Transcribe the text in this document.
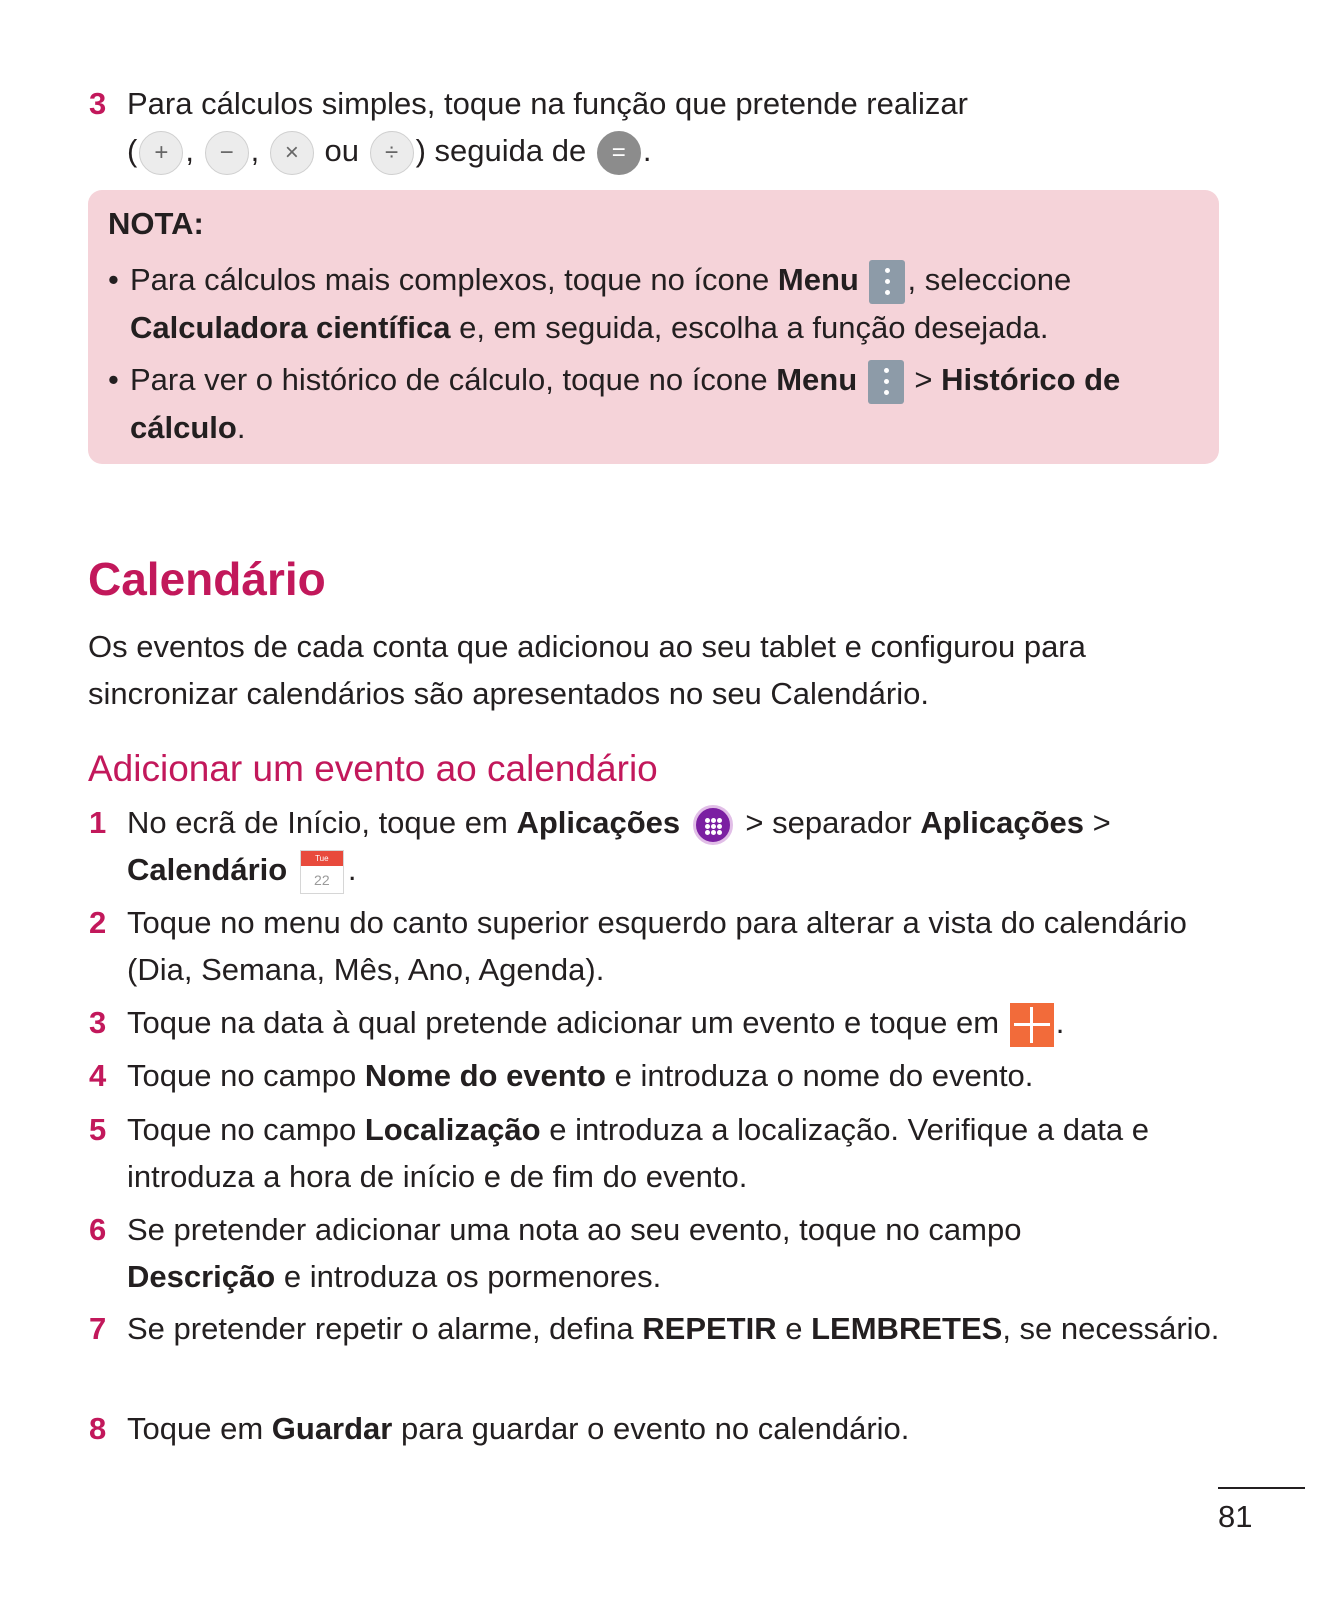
3 Para cálculos simples, toque na função que pretende realizar
( + , − , × ou ÷ ) seguida de = .
NOTA:
• Para cálculos mais complexos, toque no ícone Menu , seleccione
Calculadora científica e, em seguida, escolha a função desejada.
• Para ver o histórico de cálculo, toque no ícone Menu > Histórico de
cálculo.
Calendário
Os eventos de cada conta que adicionou ao seu tablet e configurou para sincronizar calendários são apresentados no seu Calendário.
Adicionar um evento ao calendário
1 No ecrã de Início, toque em Aplicações > separador Aplicações >
Calendário	Tue
22 .
2 Toque no menu do canto superior esquerdo para alterar a vista do calendário (Dia, Semana, Mês, Ano, Agenda).
3 Toque na data à qual pretende adicionar um evento e toque em .
4 Toque no campo Nome do evento e introduza o nome do evento.
5 Toque no campo Localização e introduza a localização. Verifique a data e introduza a hora de início e de fim do evento.
6 Se pretender adicionar uma nota ao seu evento, toque no campo
Descrição e introduza os pormenores.
7 Se pretender repetir o alarme, defina REPETIR e LEMBRETES, se necessário.
8 Toque em Guardar para guardar o evento no calendário.
81
